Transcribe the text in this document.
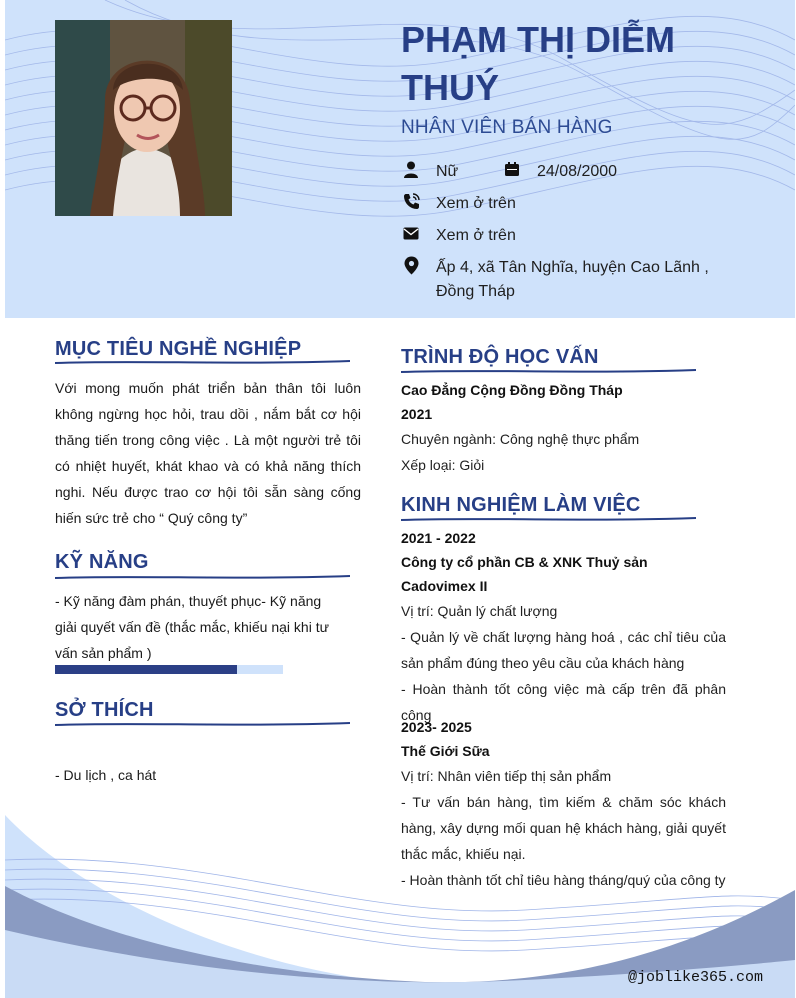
PHẠM THỊ DIỄM THUÝ
NHÂN VIÊN BÁN HÀNG
Nữ	24/08/2000
Xem ở trên
Xem ở trên
Ấp 4, xã Tân Nghĩa, huyện Cao Lãnh , Đồng Tháp
MỤC TIÊU NGHỀ NGHIỆP
Với mong muốn phát triển bản thân tôi luôn không ngừng học hỏi, trau dồi , nắm bắt cơ hội thăng tiến trong công việc . Là một người trẻ tôi có nhiệt huyết, khát khao và có khả năng thích nghi. Nếu được trao cơ hội tôi sẵn sàng cống hiến sức trẻ cho “ Quý công ty”
KỸ NĂNG
- Kỹ năng đàm phán, thuyết phục- Kỹ năng giải quyết vấn đề (thắc mắc, khiếu nại khi tư vấn sản phẩm )
SỞ THÍCH
- Du lịch , ca hát
TRÌNH ĐỘ HỌC VẤN
Cao Đẳng Cộng Đồng Đồng Tháp
2021
Chuyên ngành: Công nghệ thực phẩm
Xếp loại: Giỏi
KINH NGHIỆM LÀM VIỆC
2021 - 2022
Công ty cổ phần CB & XNK Thuỷ sản Cadovimex II
Vị trí: Quản lý chất lượng
- Quản lý về chất lượng hàng hoá , các chỉ tiêu của sản phẩm đúng theo yêu cầu của khách hàng
- Hoàn thành tốt công việc mà cấp trên đã phân công
2023- 2025
Thế Giới Sữa
Vị trí: Nhân viên tiếp thị sản phẩm
- Tư vấn bán hàng, tìm kiếm & chăm sóc khách hàng, xây dựng mối quan hệ khách hàng, giải quyết thắc mắc, khiếu nại.
- Hoàn thành tốt chỉ tiêu hàng tháng/quý của công ty
@joblike365.com
